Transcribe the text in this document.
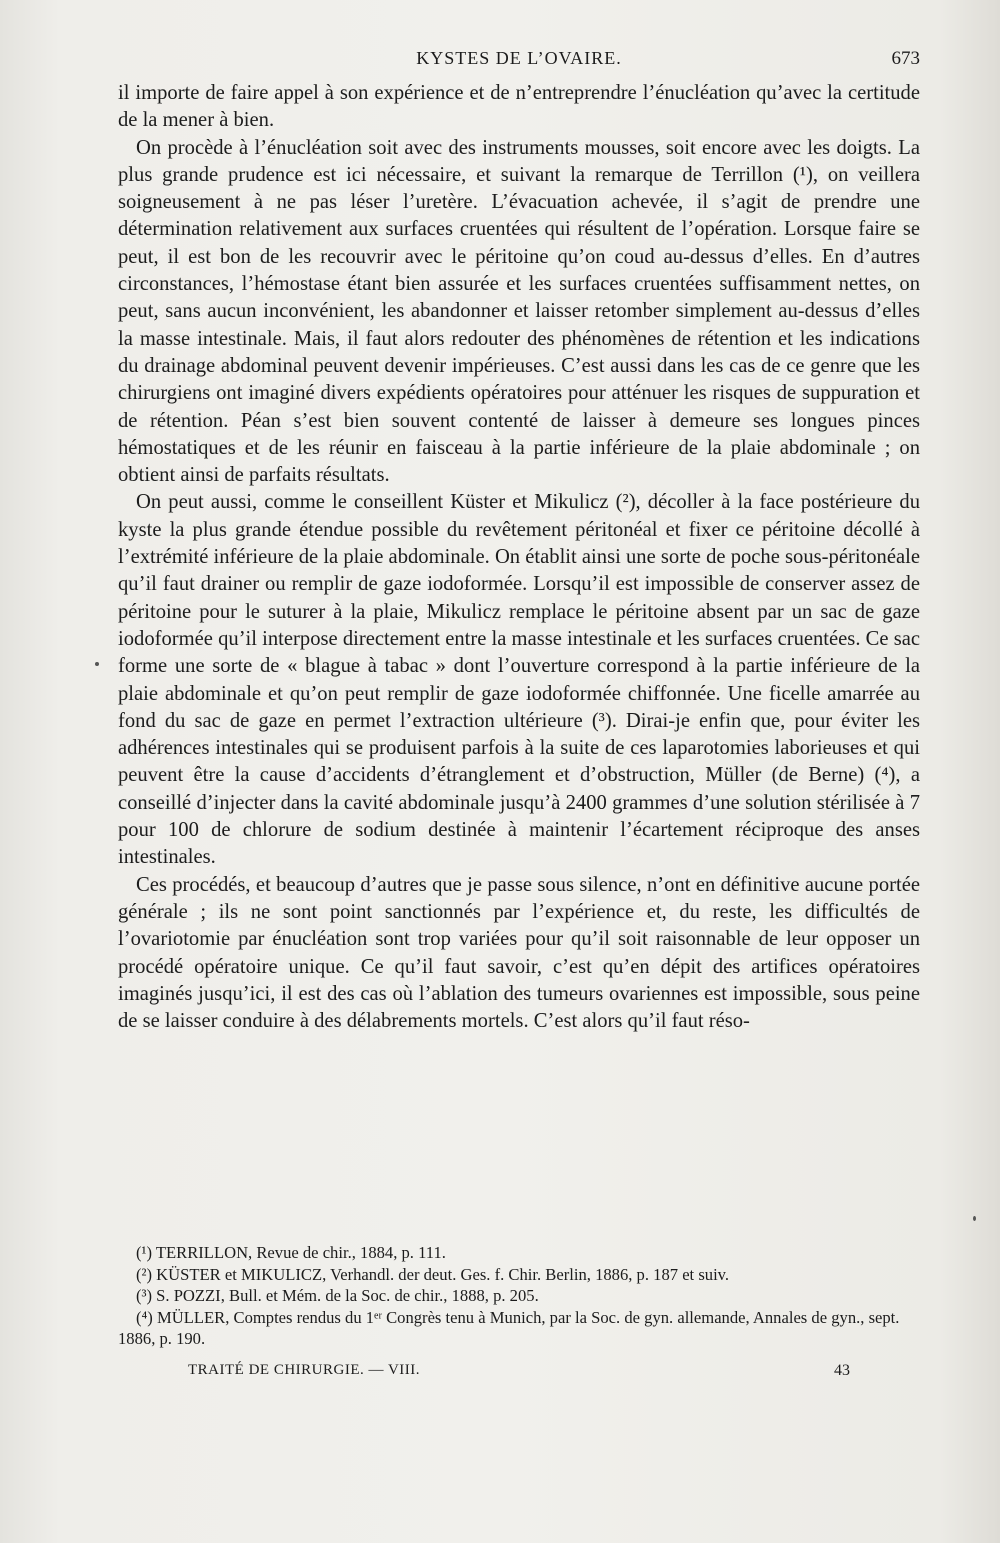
KYSTES DE L’OVAIRE.	673

il importe de faire appel à son expérience et de n’entreprendre l’énucléation qu’avec la certitude de la mener à bien.

On procède à l’énucléation soit avec des instruments mousses, soit encore avec les doigts. La plus grande prudence est ici nécessaire, et suivant la remarque de Terrillon (¹), on veillera soigneusement à ne pas léser l’uretère. L’évacuation achevée, il s’agit de prendre une détermination relativement aux surfaces cruentées qui résultent de l’opération. Lorsque faire se peut, il est bon de les recouvrir avec le péritoine qu’on coud au-dessus d’elles. En d’autres circonstances, l’hémostase étant bien assurée et les surfaces cruentées suffisamment nettes, on peut, sans aucun inconvénient, les abandonner et laisser retomber simplement au-dessus d’elles la masse intestinale. Mais, il faut alors redouter des phénomènes de rétention et les indications du drainage abdominal peuvent devenir impérieuses. C’est aussi dans les cas de ce genre que les chirurgiens ont imaginé divers expédients opératoires pour atténuer les risques de suppuration et de rétention. Péan s’est bien souvent contenté de laisser à demeure ses longues pinces hémostatiques et de les réunir en faisceau à la partie inférieure de la plaie abdominale ; on obtient ainsi de parfaits résultats.

On peut aussi, comme le conseillent Küster et Mikulicz (²), décoller à la face postérieure du kyste la plus grande étendue possible du revêtement péritonéal et fixer ce péritoine décollé à l’extrémité inférieure de la plaie abdominale. On établit ainsi une sorte de poche sous-péritonéale qu’il faut drainer ou remplir de gaze iodoformée. Lorsqu’il est impossible de conserver assez de péritoine pour le suturer à la plaie, Mikulicz remplace le péritoine absent par un sac de gaze iodoformée qu’il interpose directement entre la masse intestinale et les surfaces cruentées. Ce sac forme une sorte de « blague à tabac » dont l’ouverture correspond à la partie inférieure de la plaie abdominale et qu’on peut remplir de gaze iodoformée chiffonnée. Une ficelle amarrée au fond du sac de gaze en permet l’extraction ultérieure (³). Dirai-je enfin que, pour éviter les adhérences intestinales qui se produisent parfois à la suite de ces laparotomies laborieuses et qui peuvent être la cause d’accidents d’étranglement et d’obstruction, Müller (de Berne) (⁴), a conseillé d’injecter dans la cavité abdominale jusqu’à 2400 grammes d’une solution stérilisée à 7 pour 100 de chlorure de sodium destinée à maintenir l’écartement réciproque des anses intestinales.

Ces procédés, et beaucoup d’autres que je passe sous silence, n’ont en définitive aucune portée générale ; ils ne sont point sanctionnés par l’expérience et, du reste, les difficultés de l’ovariotomie par énucléation sont trop variées pour qu’il soit raisonnable de leur opposer un procédé opératoire unique. Ce qu’il faut savoir, c’est qu’en dépit des artifices opératoires imaginés jusqu’ici, il est des cas où l’ablation des tumeurs ovariennes est impossible, sous peine de se laisser conduire à des délabrements mortels. C’est alors qu’il faut réso-

(¹) TERRILLON, Revue de chir., 1884, p. 111.

(²) KÜSTER et MIKULICZ, Verhandl. der deut. Ges. f. Chir. Berlin, 1886, p. 187 et suiv.

(³) S. POZZI, Bull. et Mém. de la Soc. de chir., 1888, p. 205.

(⁴) MÜLLER, Comptes rendus du 1ᵉʳ Congrès tenu à Munich, par la Soc. de gyn. allemande, Annales de gyn., sept. 1886, p. 190.

TRAITÉ DE CHIRURGIE. — VIII.	43
